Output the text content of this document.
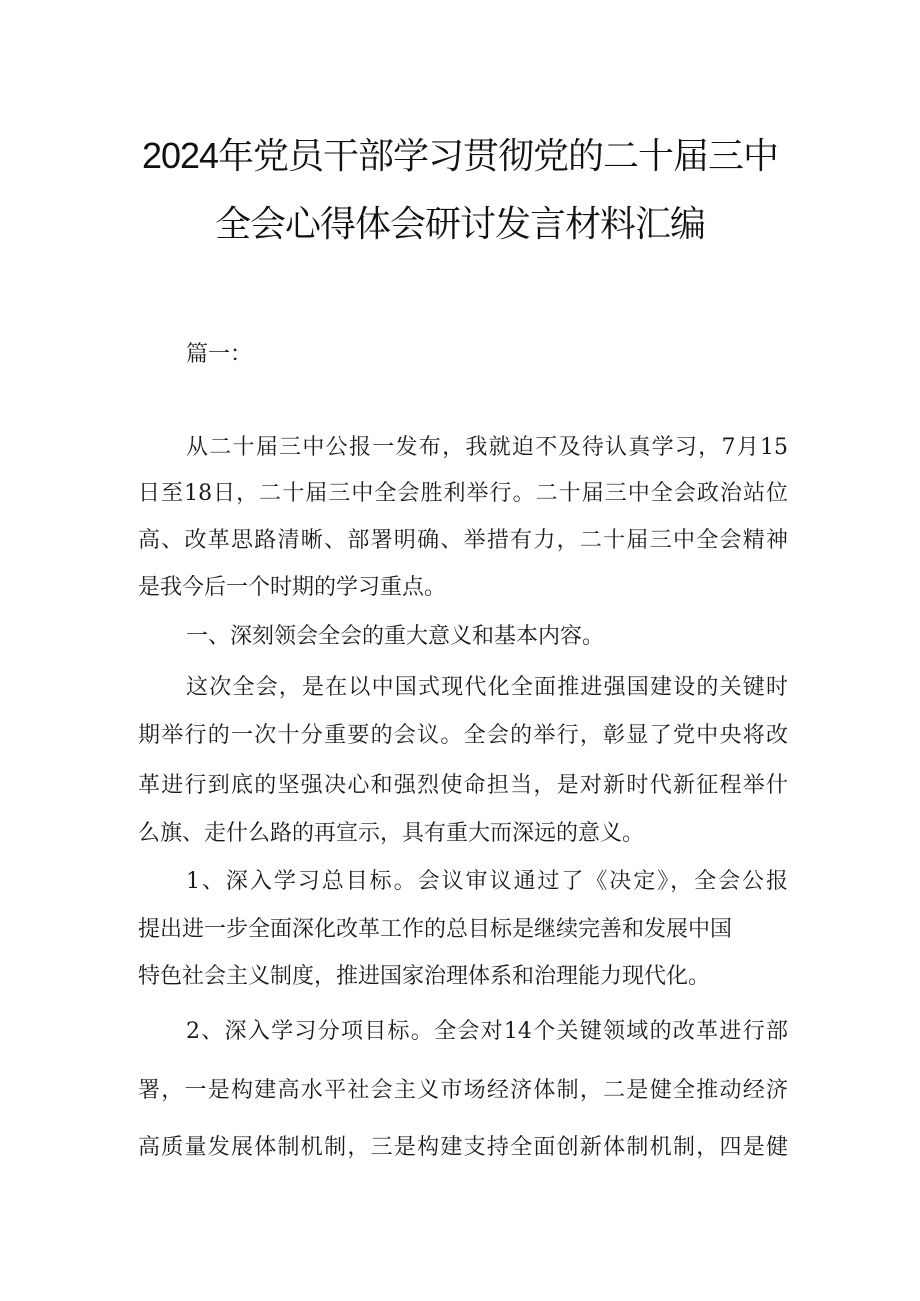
2024年党员干部学习贯彻党的二十届三中
全会心得体会研讨发言材料汇编
篇一：
从二十届三中公报一发布，我就迫不及待认真学习，7月15
日至18日，二十届三中全会胜利举行。二十届三中全会政治站位
高、改革思路清晰、部署明确、举措有力，二十届三中全会精神
是我今后一个时期的学习重点。
一、深刻领会全会的重大意义和基本内容。
这次全会，是在以中国式现代化全面推进强国建设的关键时
期举行的一次十分重要的会议。全会的举行，彰显了党中央将改
革进行到底的坚强决心和强烈使命担当，是对新时代新征程举什
么旗、走什么路的再宣示，具有重大而深远的意义。
1、深入学习总目标。会议审议通过了《决定》，全会公报
提出进一步全面深化改革工作的总目标是继续完善和发展中国
特色社会主义制度，推进国家治理体系和治理能力现代化。
2、深入学习分项目标。全会对14个关键领域的改革进行部
署，一是构建高水平社会主义市场经济体制，二是健全推动经济
高质量发展体制机制，三是构建支持全面创新体制机制，四是健
